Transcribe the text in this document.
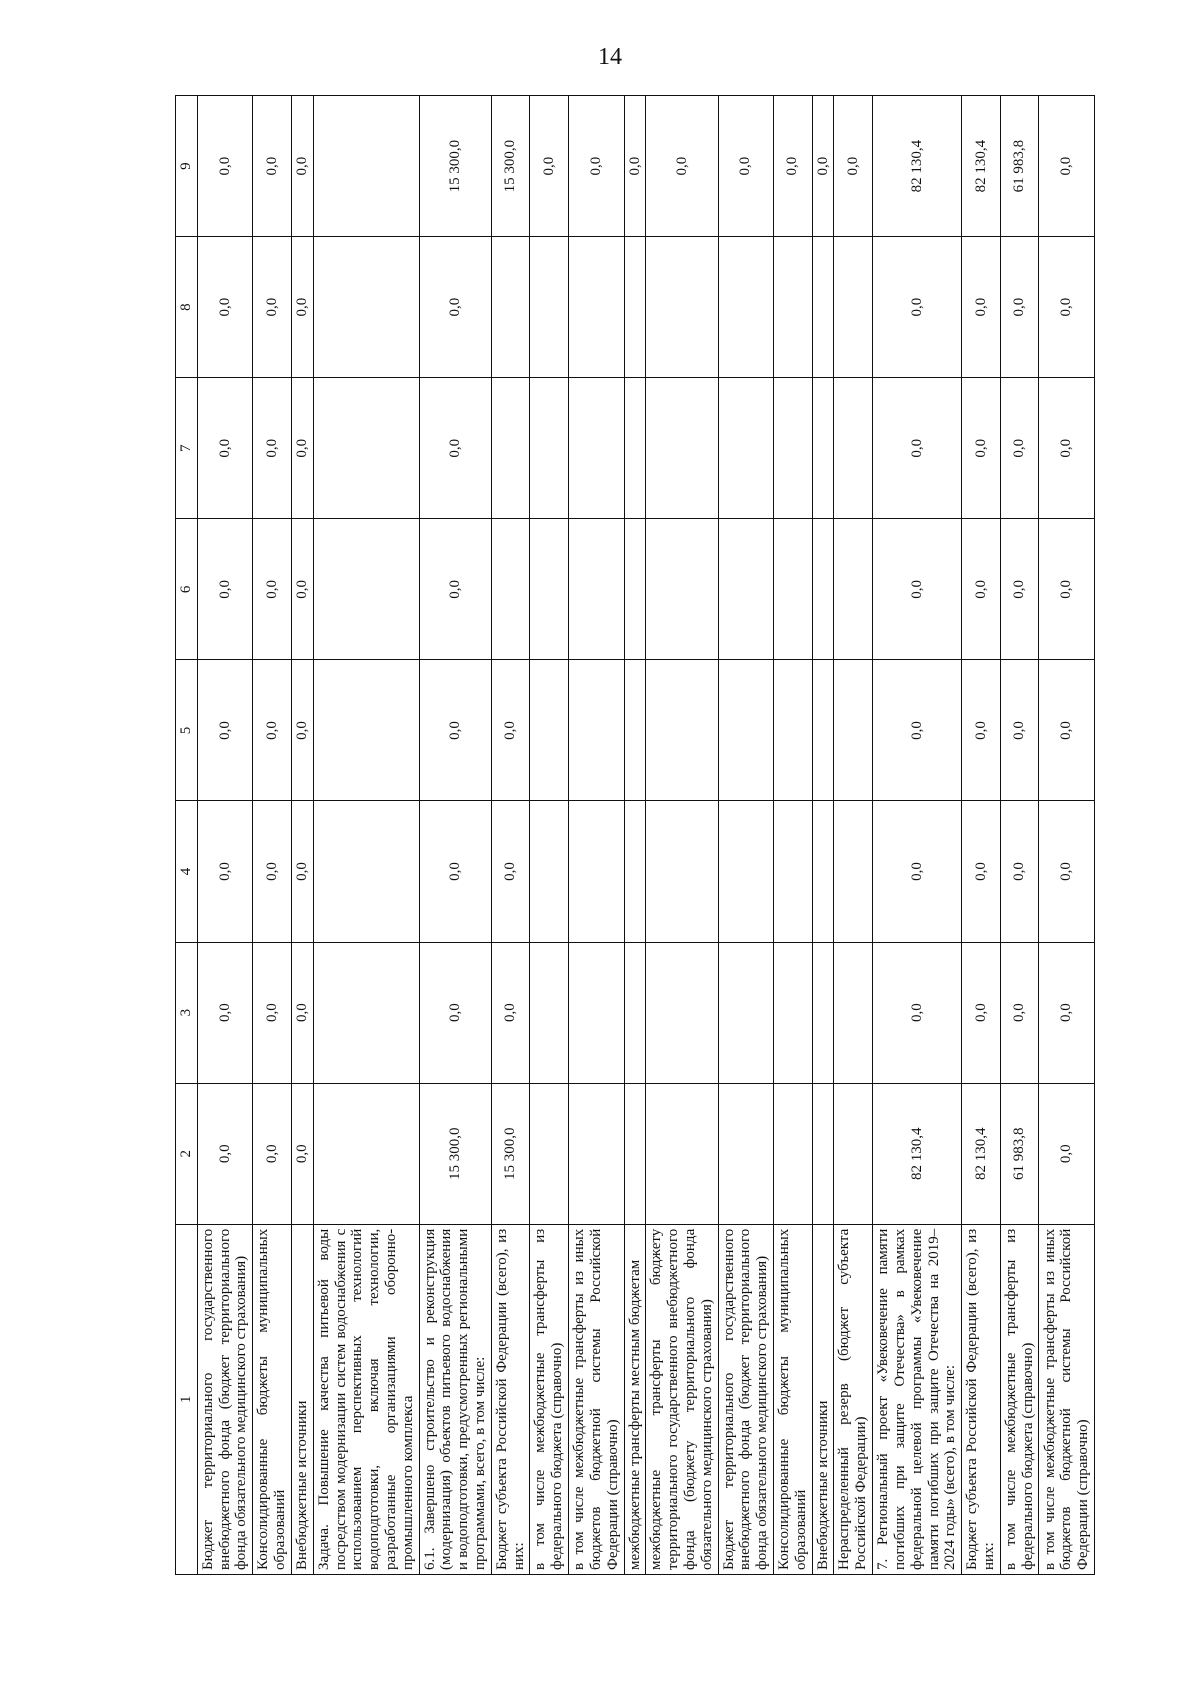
14
1	2	3	4	5	6	7	8	9
Бюджет территориального государственного внебюджетного фонда (бюджет территориального фонда обязательного медицинского страхования)	0,0	0,0	0,0	0,0	0,0	0,0	0,0	0,0
Консолидированные бюджеты муниципальных образований	0,0	0,0	0,0	0,0	0,0	0,0	0,0	0,0
Внебюджетные источники	0,0	0,0	0,0	0,0	0,0	0,0	0,0	0,0
Задача. Повышение качества питьевой воды посредством модернизации систем водоснабжения с использованием перспективных технологий водоподготовки, включая технологии, разработанные организациями оборонно-промышленного комплекса								
6.1. Завершено строительство и реконструкция (модернизация) объектов питьевого водоснабжения и водоподготовки, предусмотренных региональными программами, всего, в том числе:	15 300,0	0,0	0,0	0,0	0,0	0,0	0,0	15 300,0
Бюджет субъекта Российской Федерации (всего), из них:	15 300,0	0,0	0,0	0,0				15 300,0
в том числе межбюджетные трансферты из федерального бюджета (справочно)								0,0
в том числе межбюджетные трансферты из иных бюджетов бюджетной системы Российской Федерации (справочно)								0,0
межбюджетные трансферты местным бюджетам								0,0
межбюджетные трансферты бюджету территориального государственного внебюджетного фонда (бюджету территориального фонда обязательного медицинского страхования)								0,0
Бюджет территориального государственного внебюджетного фонда (бюджет территориального фонда обязательного медицинского страхования)								0,0
Консолидированные бюджеты муниципальных образований								0,0
Внебюджетные источники								0,0
Нераспределенный резерв (бюджет субъекта Российской Федерации)								0,0
7. Региональный проект «Увековечение памяти погибших при защите Отечества» в рамках федеральной целевой программы «Увековечение памяти погибших при защите Отечества на 2019–2024 годы» (всего), в том числе:	82 130,4	0,0	0,0	0,0	0,0	0,0	0,0	82 130,4
Бюджет субъекта Российской Федерации (всего), из них:	82 130,4	0,0	0,0	0,0	0,0	0,0	0,0	82 130,4
в том числе межбюджетные трансферты из федерального бюджета (справочно)	61 983,8	0,0	0,0	0,0	0,0	0,0	0,0	61 983,8
в том числе межбюджетные трансферты из иных бюджетов бюджетной системы Российской Федерации (справочно)	0,0	0,0	0,0	0,0	0,0	0,0	0,0	0,0
